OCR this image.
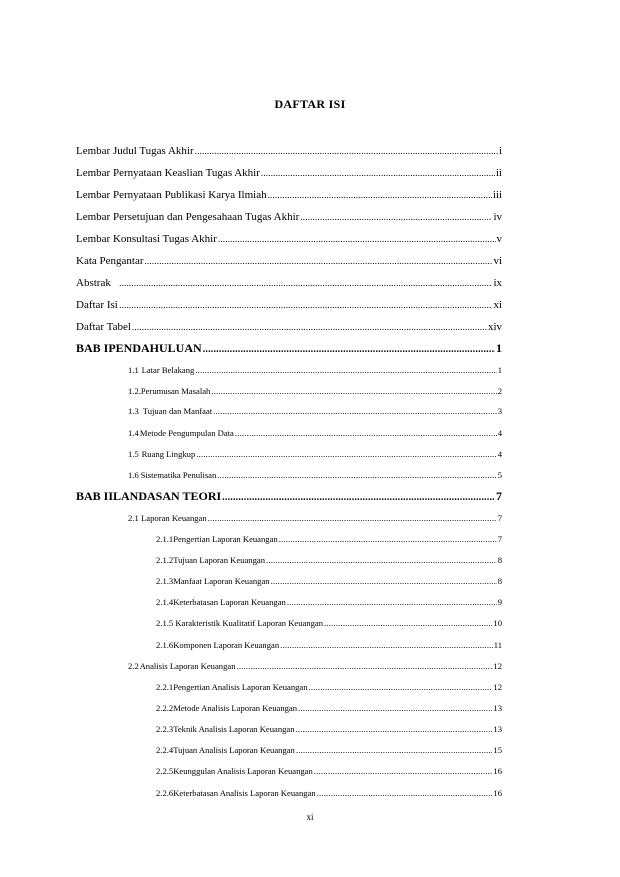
DAFTAR ISI
Lembar Judul Tugas Akhir .....	i
Lembar Pernyataan Keaslian Tugas Akhir .....	ii
Lembar Pernyataan Publikasi Karya Ilmiah .....	iii
Lembar Persetujuan dan Pengesahaan Tugas Akhir .....	iv
Lembar Konsultasi Tugas Akhir .....	v
Kata Pengantar .....	vi
Abstrak .....	ix
Daftar Isi .....	xi
Daftar Tabel .....	xiv
BAB I PENDAHULUAN .....	1
1.1 Latar Belakang .....	1
1.2. Perumusan Masalah .....	2
1.3 Tujuan dan Manfaat .....	3
1.4 Metode Pengumpulan Data .....	4
1.5 Ruang Lingkup .....	4
1.6 Sistematika Penulisan .....	5
BAB II LANDASAN TEORI .....	7
2.1 Laporan Keuangan .....	7
2.1.1 Pengertian Laporan Keuangan .....	7
2.1.2 Tujuan Laporan Keuangan .....	8
2.1.3 Manfaat Laporan Keuangan .....	8
2.1.4 Keterbatasan Laporan Keuangan .....	9
2.1.5 Karakteristik Kualitatif Laporan Keuangan .....	10
2.1.6 Komponen Laporan Keuangan .....	11
2.2 Analisis Laporan Keuangan .....	12
2.2.1 Pengertian Analisis Laporan Keuangan .....	12
2.2.2 Metode Analisis Laporan Keuangan .....	13
2.2.3 Teknik Analisis Laporan Keuangan .....	13
2.2.4 Tujuan Analisis Laporan Keuangan .....	15
2.2.5 Keunggulan Analisis Laporan Keuangan .....	16
2.2.6 Keterbatasan Analisis Laporan Keuangan .....	16
xi
